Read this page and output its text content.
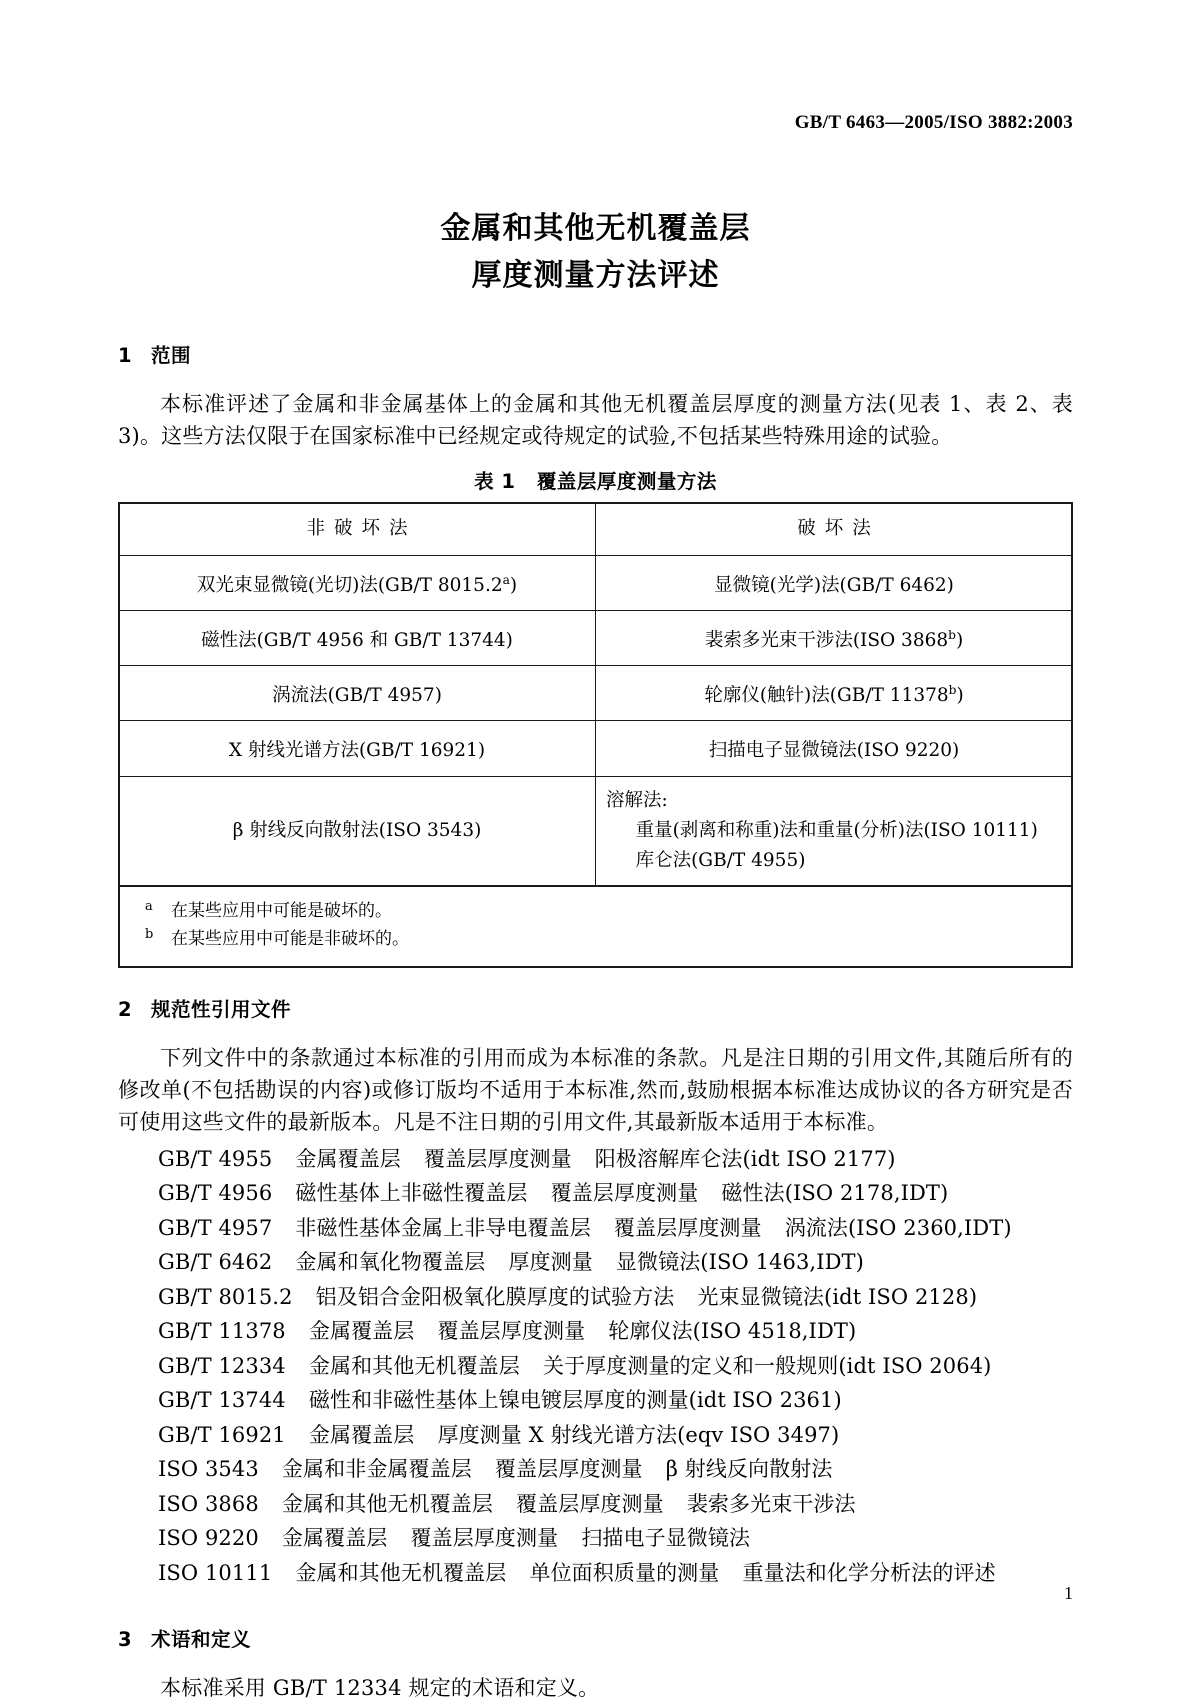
GB/T 6463—2005/ISO 3882:2003
金属和其他无机覆盖层
厚度测量方法评述
1 范围

本标准评述了金属和非金属基体上的金属和其他无机覆盖层厚度的测量方法(见表 1、表 2、表 3)。这些方法仅限于在国家标准中已经规定或待规定的试验,不包括某些特殊用途的试验。

表 1 覆盖层厚度测量方法
非破坏法	破坏法
双光束显微镜(光切)法(GB/T 8015.2$^a$)	显微镜(光学)法(GB/T 6462)
磁性法(GB/T 4956 和 GB/T 13744)	裴索多光束干涉法(ISO 3868$^b$)
涡流法(GB/T 4957)	轮廓仪(触针)法(GB/T 11378$^b$)
X 射线光谱方法(GB/T 16921)	扫描电子显微镜法(ISO 9220)
β 射线反向散射法(ISO 3543)	溶解法:
重量(剥离和称重)法和重量(分析)法(ISO 10111)
库仑法(GB/T 4955)

a 在某些应用中可能是破坏的。
b 在某些应用中可能是非破坏的。	
2 规范性引用文件

下列文件中的条款通过本标准的引用而成为本标准的条款。凡是注日期的引用文件,其随后所有的修改单(不包括勘误的内容)或修订版均不适用于本标准,然而,鼓励根据本标准达成协议的各方研究是否可使用这些文件的最新版本。凡是不注日期的引用文件,其最新版本适用于本标准。

GB/T 4955 金属覆盖层 覆盖层厚度测量 阳极溶解库仑法(idt ISO 2177)
GB/T 4956 磁性基体上非磁性覆盖层 覆盖层厚度测量 磁性法(ISO 2178,IDT)
GB/T 4957 非磁性基体金属上非导电覆盖层 覆盖层厚度测量 涡流法(ISO 2360,IDT)
GB/T 6462 金属和氧化物覆盖层 厚度测量 显微镜法(ISO 1463,IDT)
GB/T 8015.2 铝及铝合金阳极氧化膜厚度的试验方法 光束显微镜法(idt ISO 2128)
GB/T 11378 金属覆盖层 覆盖层厚度测量 轮廓仪法(ISO 4518,IDT)
GB/T 12334 金属和其他无机覆盖层 关于厚度测量的定义和一般规则(idt ISO 2064)
GB/T 13744 磁性和非磁性基体上镍电镀层厚度的测量(idt ISO 2361)
GB/T 16921 金属覆盖层 厚度测量 X 射线光谱方法(eqv ISO 3497)
ISO 3543 金属和非金属覆盖层 覆盖层厚度测量 β 射线反向散射法
ISO 3868 金属和其他无机覆盖层 覆盖层厚度测量 裴索多光束干涉法
ISO 9220 金属覆盖层 覆盖层厚度测量 扫描电子显微镜法
ISO 10111 金属和其他无机覆盖层 单位面积质量的测量 重量法和化学分析法的评述
3 术语和定义

本标准采用 GB/T 12334 规定的术语和定义。

1
